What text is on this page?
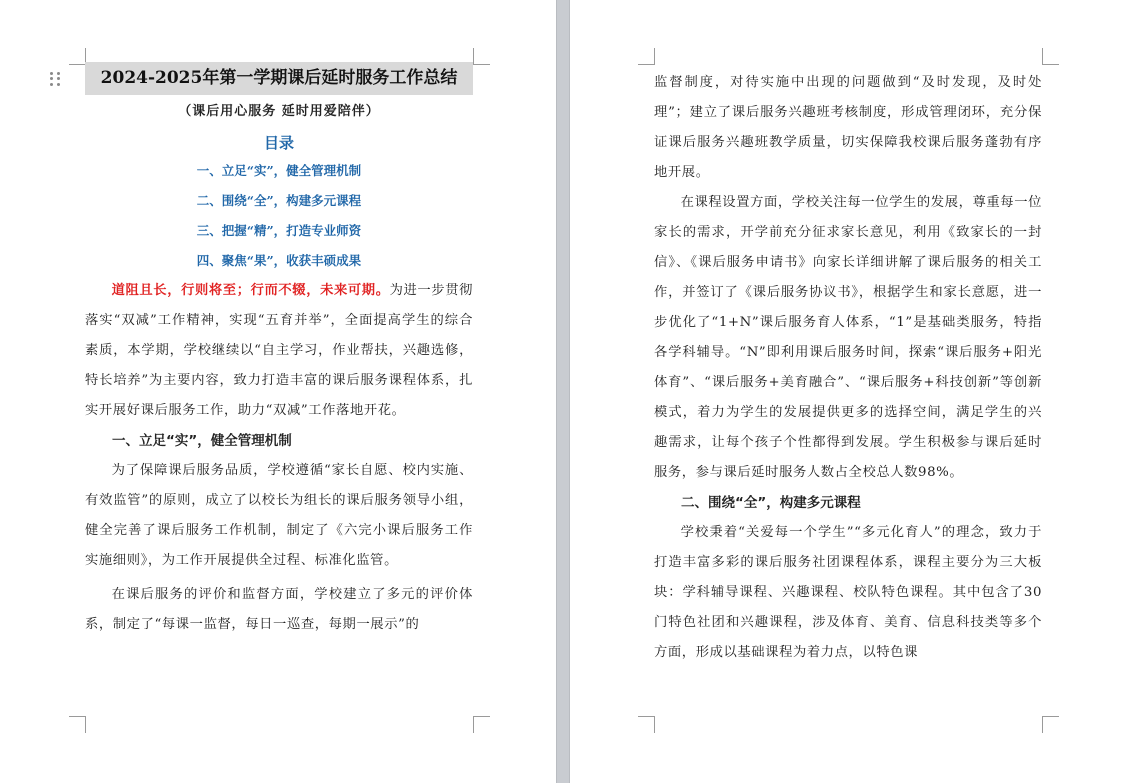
2024-2025年第一学期课后延时服务工作总结
（课后用心服务 延时用爱陪伴）
目录
一、立足“实”，健全管理机制
二、围绕“全”，构建多元课程
三、把握“精”，打造专业师资
四、聚焦“果”，收获丰硕成果

道阻且长，行则将至；行而不辍，未来可期。为进一步贯彻落实“双减”工作精神，实现“五育并举”，全面提高学生的综合素质，本学期，学校继续以“自主学习，作业帮扶，兴趣选修，特长培养”为主要内容，致力打造丰富的课后服务课程体系，扎实开展好课后服务工作，助力“双减”工作落地开花。

一、立足“实”，健全管理机制

为了保障课后服务品质，学校遵循“家长自愿、校内实施、有效监管”的原则，成立了以校长为组长的课后服务领导小组，健全完善了课后服务工作机制，制定了《六完小课后服务工作实施细则》，为工作开展提供全过程、标准化监管。

在课后服务的评价和监督方面，学校建立了多元的评价体系，制定了“每课一监督，每日一巡查，每期一展示”的

监督制度，对待实施中出现的问题做到“及时发现，及时处理”；建立了课后服务兴趣班考核制度，形成管理闭环，充分保证课后服务兴趣班教学质量，切实保障我校课后服务蓬勃有序地开展。

在课程设置方面，学校关注每一位学生的发展，尊重每一位家长的需求，开学前充分征求家长意见，利用《致家长的一封信》、《课后服务申请书》向家长详细讲解了课后服务的相关工作，并签订了《课后服务协议书》，根据学生和家长意愿，进一步优化了“1+N”课后服务育人体系，“1”是基础类服务，特指各学科辅导。“N”即利用课后服务时间，探索“课后服务+阳光体育”、“课后服务+美育融合”、“课后服务+科技创新”等创新模式，着力为学生的发展提供更多的选择空间，满足学生的兴趣需求，让每个孩子个性都得到发展。学生积极参与课后延时服务，参与课后延时服务人数占全校总人数98%。

二、围绕“全”，构建多元课程

学校秉着“关爱每一个学生”“多元化育人”的理念，致力于打造丰富多彩的课后服务社团课程体系，课程主要分为三大板块：学科辅导课程、兴趣课程、校队特色课程。其中包含了30门特色社团和兴趣课程，涉及体育、美育、信息科技类等多个方面，形成以基础课程为着力点，以特色课
